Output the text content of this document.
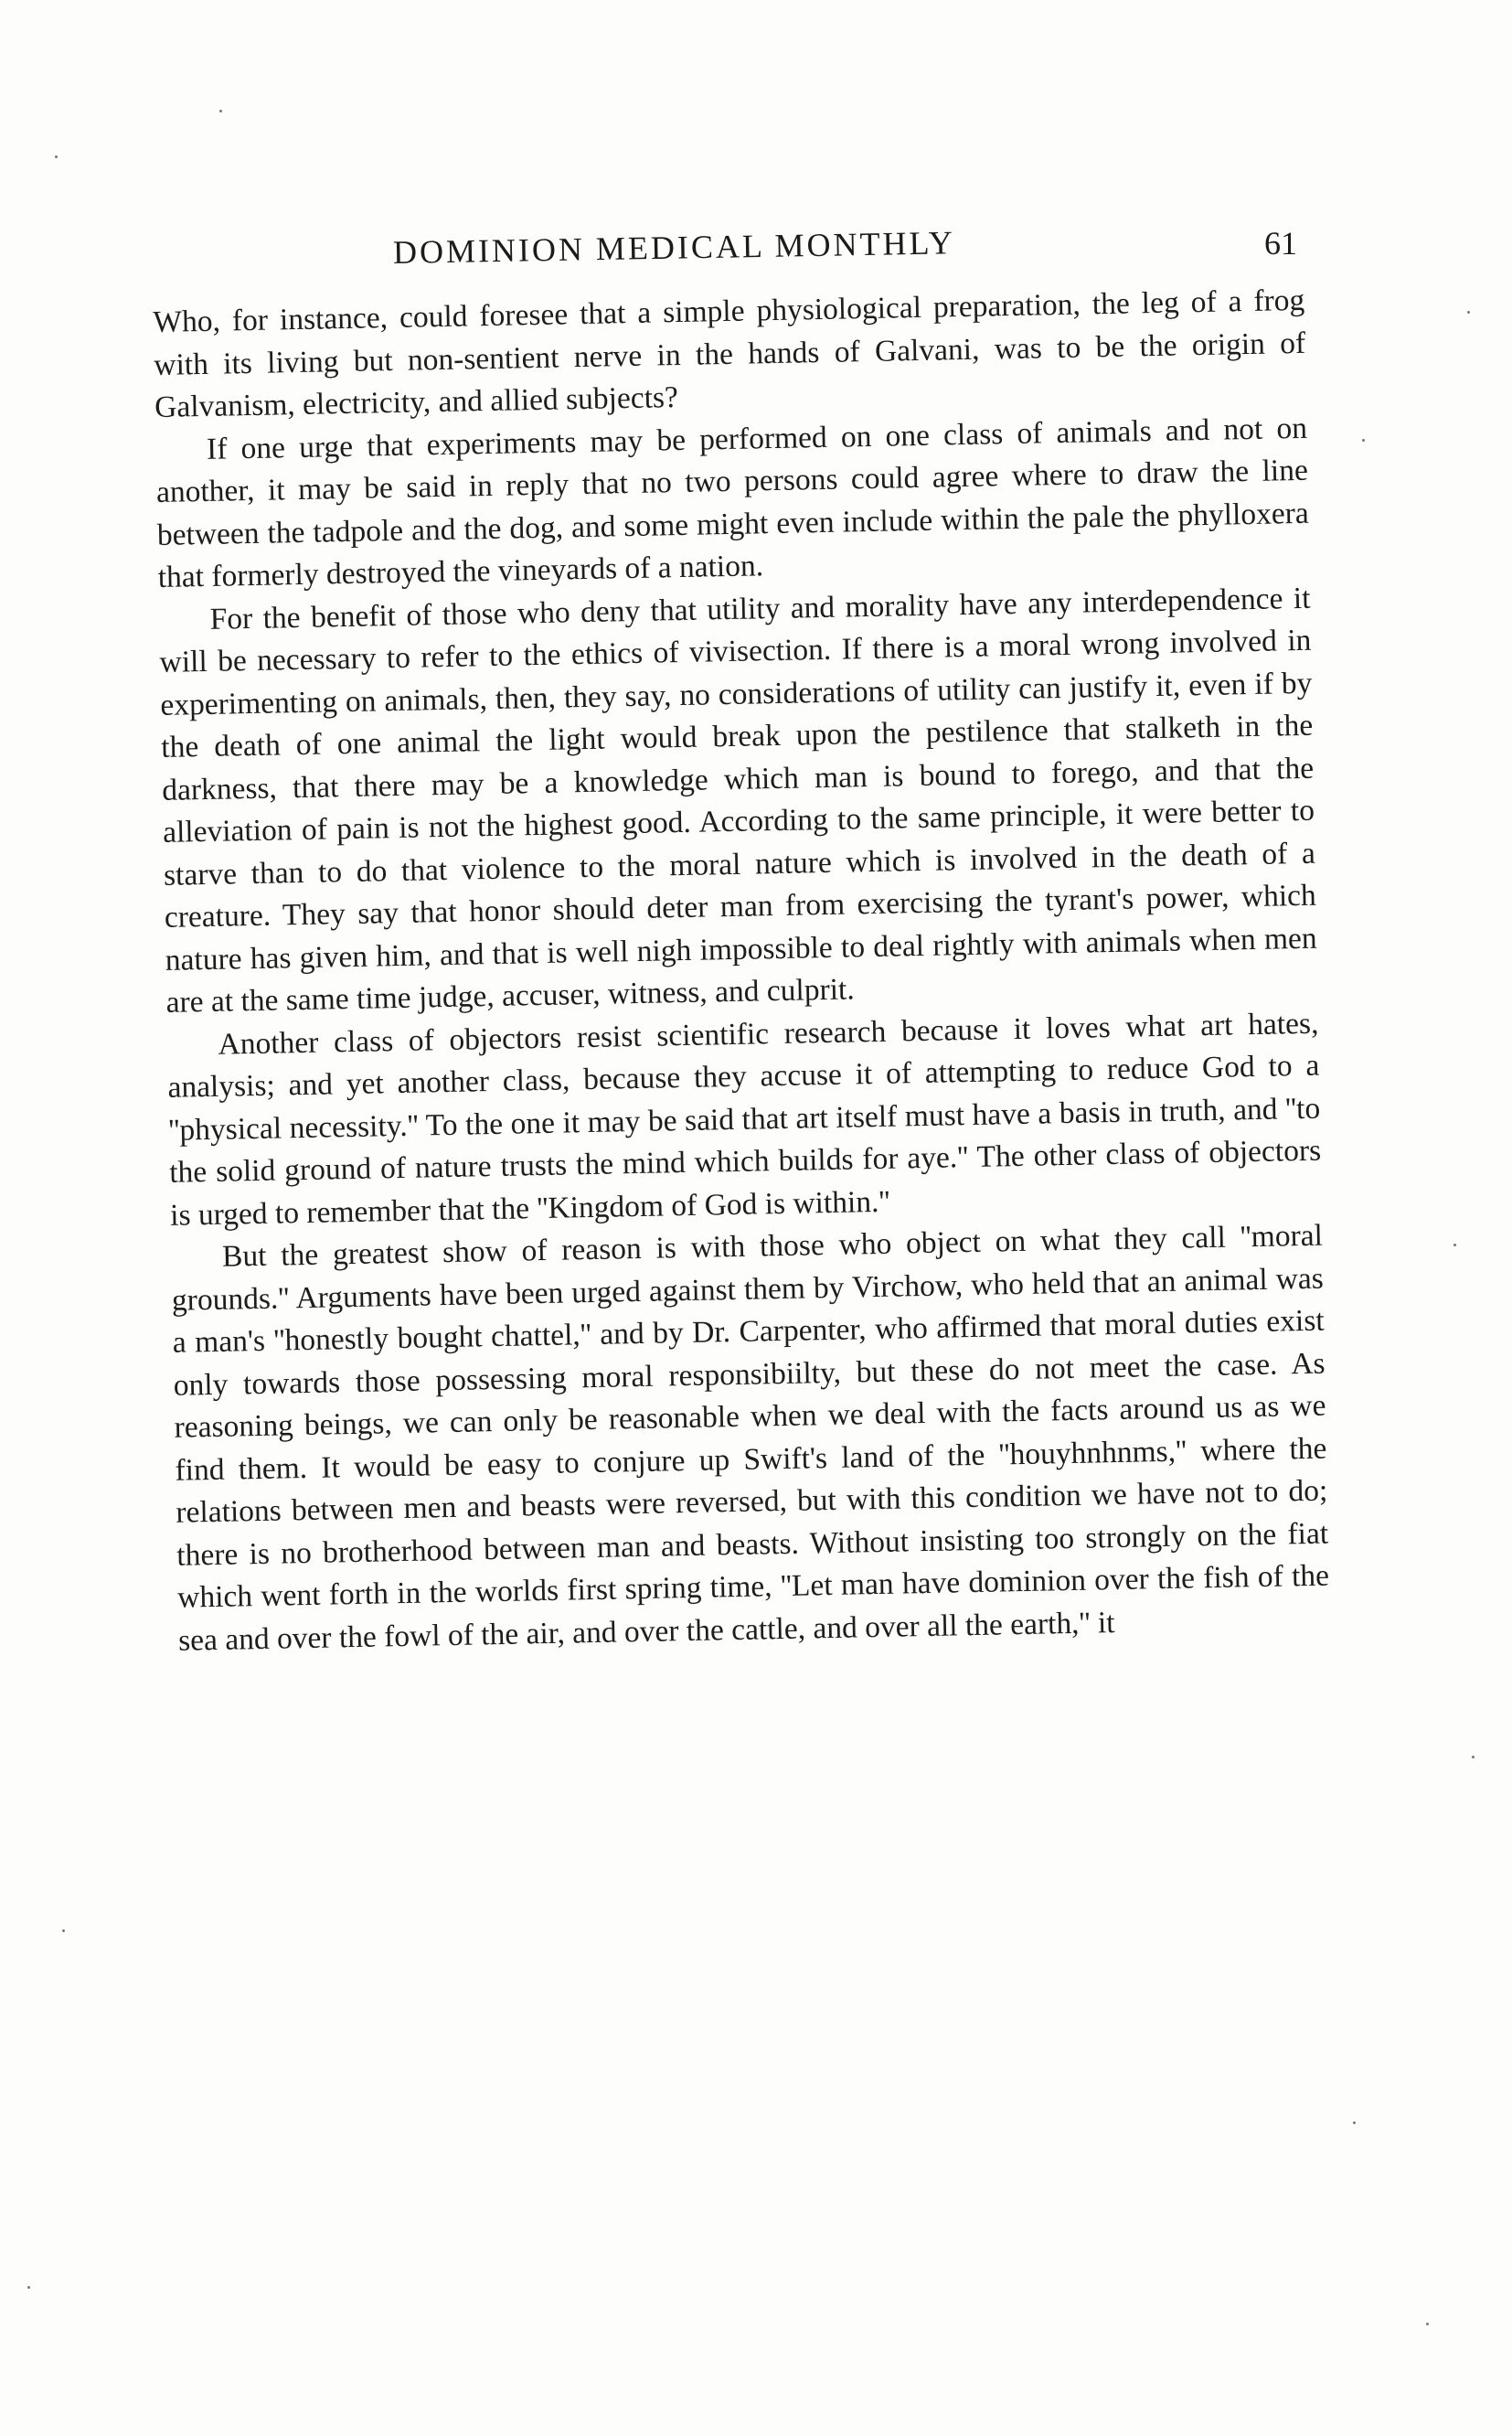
DOMINION MEDICAL MONTHLY	61

Who, for instance, could foresee that a simple physiological preparation, the leg of a frog with its living but non-sentient nerve in the hands of Galvani, was to be the origin of Galvanism, electricity, and allied subjects?

If one urge that experiments may be performed on one class of animals and not on another, it may be said in reply that no two persons could agree where to draw the line between the tadpole and the dog, and some might even include within the pale the phylloxera that formerly destroyed the vineyards of a nation.

For the benefit of those who deny that utility and morality have any interdependence it will be necessary to refer to the ethics of vivisection. If there is a moral wrong involved in experimenting on animals, then, they say, no considerations of utility can justify it, even if by the death of one animal the light would break upon the pestilence that stalketh in the darkness, that there may be a knowledge which man is bound to forego, and that the alleviation of pain is not the highest good. According to the same principle, it were better to starve than to do that violence to the moral nature which is involved in the death of a creature. They say that honor should deter man from exercising the tyrant's power, which nature has given him, and that is well nigh impossible to deal rightly with animals when men are at the same time judge, accuser, witness, and culprit.

Another class of objectors resist scientific research because it loves what art hates, analysis; and yet another class, because they accuse it of attempting to reduce God to a ''physical necessity.'' To the one it may be said that art itself must have a basis in truth, and ''to the solid ground of nature trusts the mind which builds for aye.'' The other class of objectors is urged to remember that the ''Kingdom of God is within.''

But the greatest show of reason is with those who object on what they call ''moral grounds.'' Arguments have been urged against them by Virchow, who held that an animal was a man's ''honestly bought chattel,'' and by Dr. Carpenter, who affirmed that moral duties exist only towards those possessing moral responsibiilty, but these do not meet the case. As reasoning beings, we can only be reasonable when we deal with the facts around us as we find them. It would be easy to conjure up Swift's land of the ''houyhnhnms,'' where the relations between men and beasts were reversed, but with this condition we have not to do; there is no brotherhood between man and beasts. Without insisting too strongly on the fiat which went forth in the worlds first spring time, ''Let man have dominion over the fish of the sea and over the fowl of the air, and over the cattle, and over all the earth,'' it
